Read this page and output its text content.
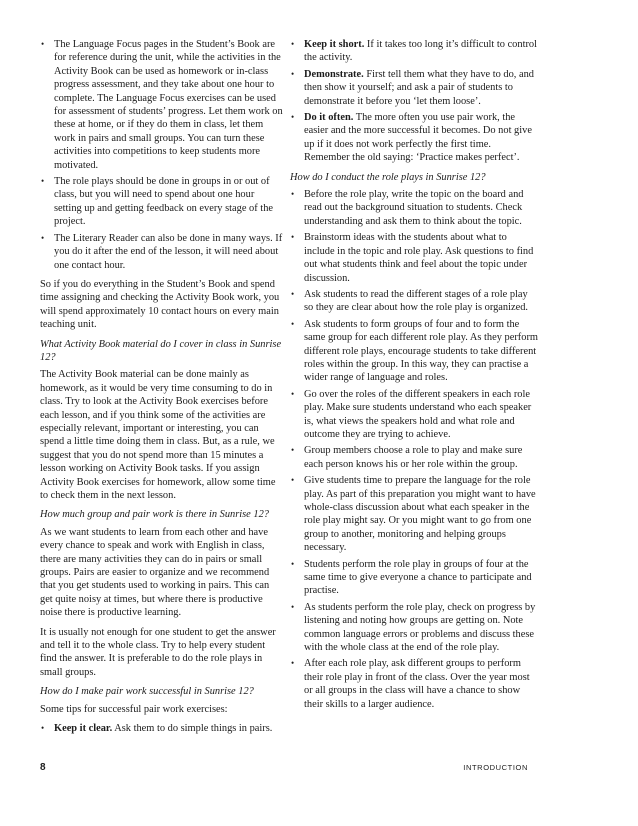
• The Language Focus pages in the Student’s Book are for reference during the unit, while the activities in the Activity Book can be used as homework or in-class progress assessment, and they take about one hour to complete. The Language Focus exercises can be used for assessment of students’ progress. Let them work on these at home, or if they do them in class, let them work in pairs and small groups. You can turn these activities into competitions to keep students more motivated.
• The role plays should be done in groups in or out of class, but you will need to spend about one hour setting up and getting feedback on every stage of the project.
• The Literary Reader can also be done in many ways. If you do it after the end of the lesson, it will need about one contact hour.

So if you do everything in the Student’s Book and spend time assigning and checking the Activity Book work, you will spend approximately 10 contact hours on every main teaching unit.

What Activity Book material do I cover in class in Sunrise 12?

The Activity Book material can be done mainly as homework, as it would be very time consuming to do in class. Try to look at the Activity Book exercises before each lesson, and if you think some of the activities are especially relevant, important or interesting, you can spend a little time doing them in class. But, as a rule, we suggest that you do not spend more than 15 minutes a lesson working on Activity Book tasks. If you assign Activity Book exercises for homework, allow some time to check them in the next lesson.

How much group and pair work is there in Sunrise 12?

As we want students to learn from each other and have every chance to speak and work with English in class, there are many activities they can do in pairs or small groups. Pairs are easier to organize and we recommend that you get students used to working in pairs. This can get quite noisy at times, but where there is productive noise there is productive learning.

It is usually not enough for one student to get the answer and tell it to the whole class. Try to help every student find the answer. It is preferable to do the role plays in small groups.

How do I make pair work successful in Sunrise 12?

Some tips for successful pair work exercises:

• Keep it clear. Ask them to do simple things in pairs.
• Keep it short. If it takes too long it’s difficult to control the activity.
• Demonstrate. First tell them what they have to do, and then show it yourself; and ask a pair of students to demonstrate it before you ‘let them loose’.
• Do it often. The more often you use pair work, the easier and the more successful it becomes. Do not give up if it does not work perfectly the first time. Remember the old saying: ‘Practice makes perfect’.

How do I conduct the role plays in Sunrise 12?

• Before the role play, write the topic on the board and read out the background situation to students. Check understanding and ask them to think about the topic.
• Brainstorm ideas with the students about what to include in the topic and role play. Ask questions to find out what students think and feel about the topic under discussion.
• Ask students to read the different stages of a role play so they are clear about how the role play is organized.
• Ask students to form groups of four and to form the same group for each different role play. As they perform different role plays, encourage students to take different roles within the group. In this way, they can practise a wider range of language and roles.
• Go over the roles of the different speakers in each role play. Make sure students understand who each speaker is, what views the speakers hold and what role and outcome they are trying to achieve.
• Group members choose a role to play and make sure each person knows his or her role within the group.
• Give students time to prepare the language for the role play. As part of this preparation you might want to have whole-class discussion about what each speaker in the role play might say. Or you might want to go from one group to another, monitoring and helping groups necessary.
• Students perform the role play in groups of four at the same time to give everyone a chance to participate and practise.
• As students perform the role play, check on progress by listening and noting how groups are getting on. Note common language errors or problems and discuss these with the whole class at the end of the role play.
• After each role play, ask different groups to perform their role play in front of the class. Over the year most or all groups in the class will have a chance to show their skills to a larger audience.
8	INTRODUCTION
